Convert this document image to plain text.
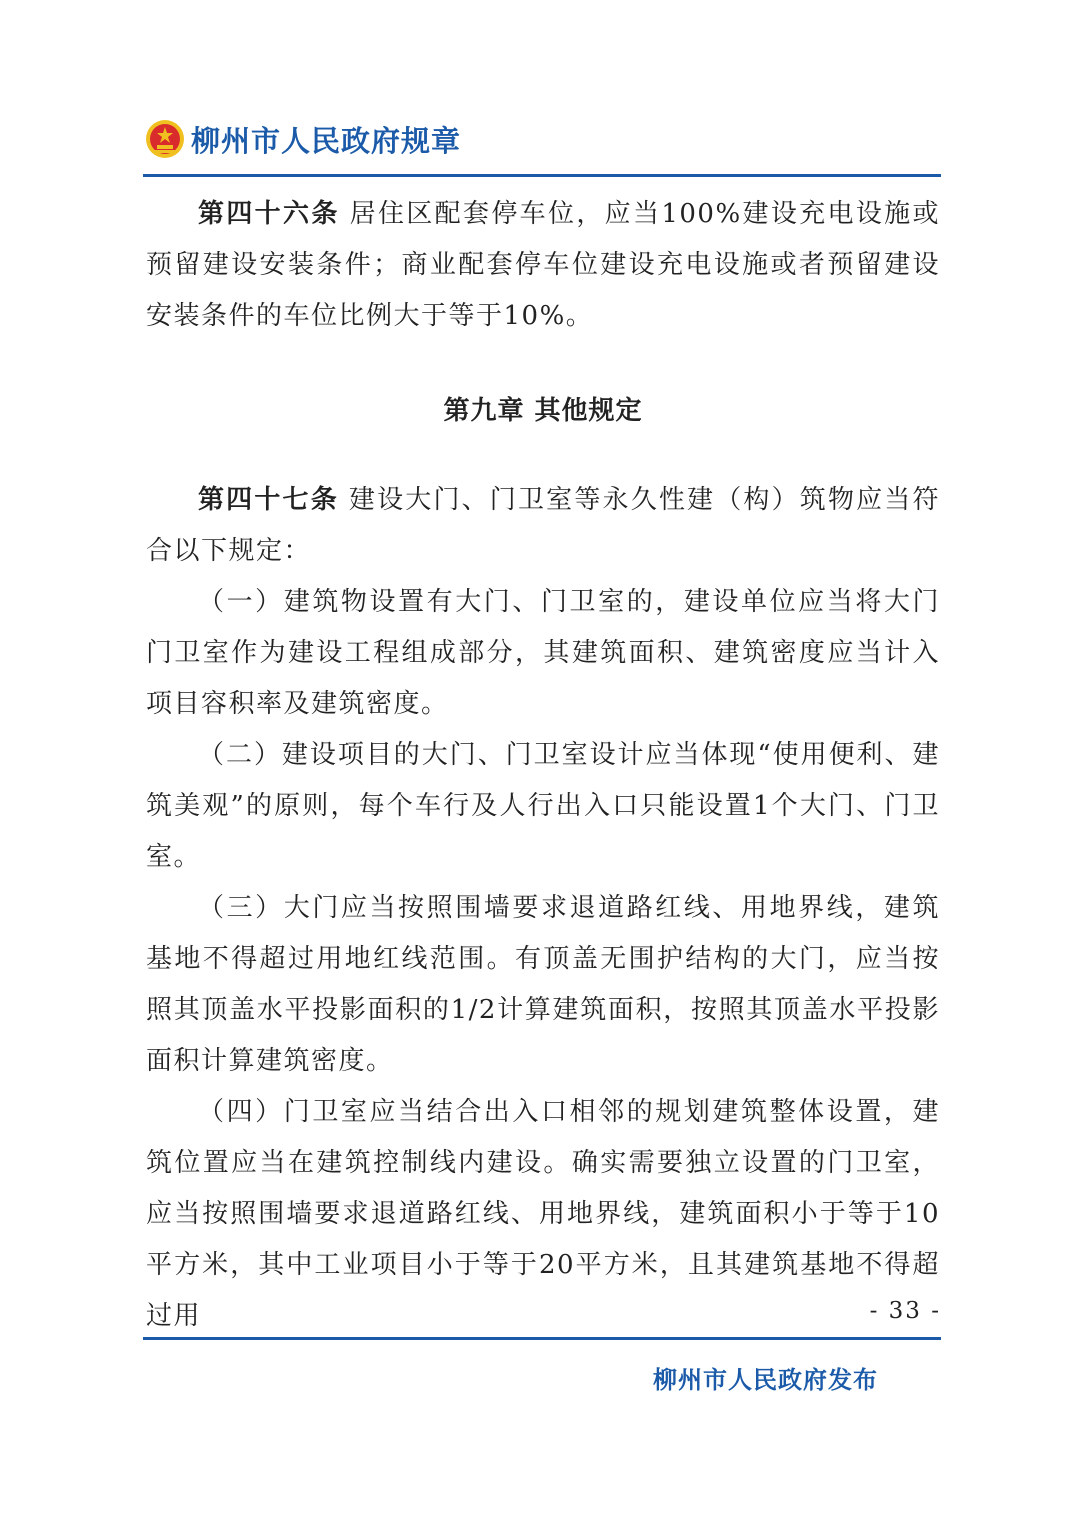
柳州市人民政府规章

第四十六条 居住区配套停车位，应当100%建设充电设施或预留建设安装条件；商业配套停车位建设充电设施或者预留建设安装条件的车位比例大于等于10%。

第九章 其他规定

第四十七条 建设大门、门卫室等永久性建（构）筑物应当符合以下规定：

（一）建筑物设置有大门、门卫室的，建设单位应当将大门门卫室作为建设工程组成部分，其建筑面积、建筑密度应当计入项目容积率及建筑密度。

（二）建设项目的大门、门卫室设计应当体现“使用便利、建筑美观”的原则，每个车行及人行出入口只能设置1个大门、门卫室。

（三）大门应当按照围墙要求退道路红线、用地界线，建筑基地不得超过用地红线范围。有顶盖无围护结构的大门，应当按照其顶盖水平投影面积的1/2计算建筑面积，按照其顶盖水平投影面积计算建筑密度。

（四）门卫室应当结合出入口相邻的规划建筑整体设置，建筑位置应当在建筑控制线内建设。确实需要独立设置的门卫室，应当按照围墙要求退道路红线、用地界线，建筑面积小于等于10平方米，其中工业项目小于等于20平方米，且其建筑基地不得超过用	- 33 -
柳州市人民政府发布
